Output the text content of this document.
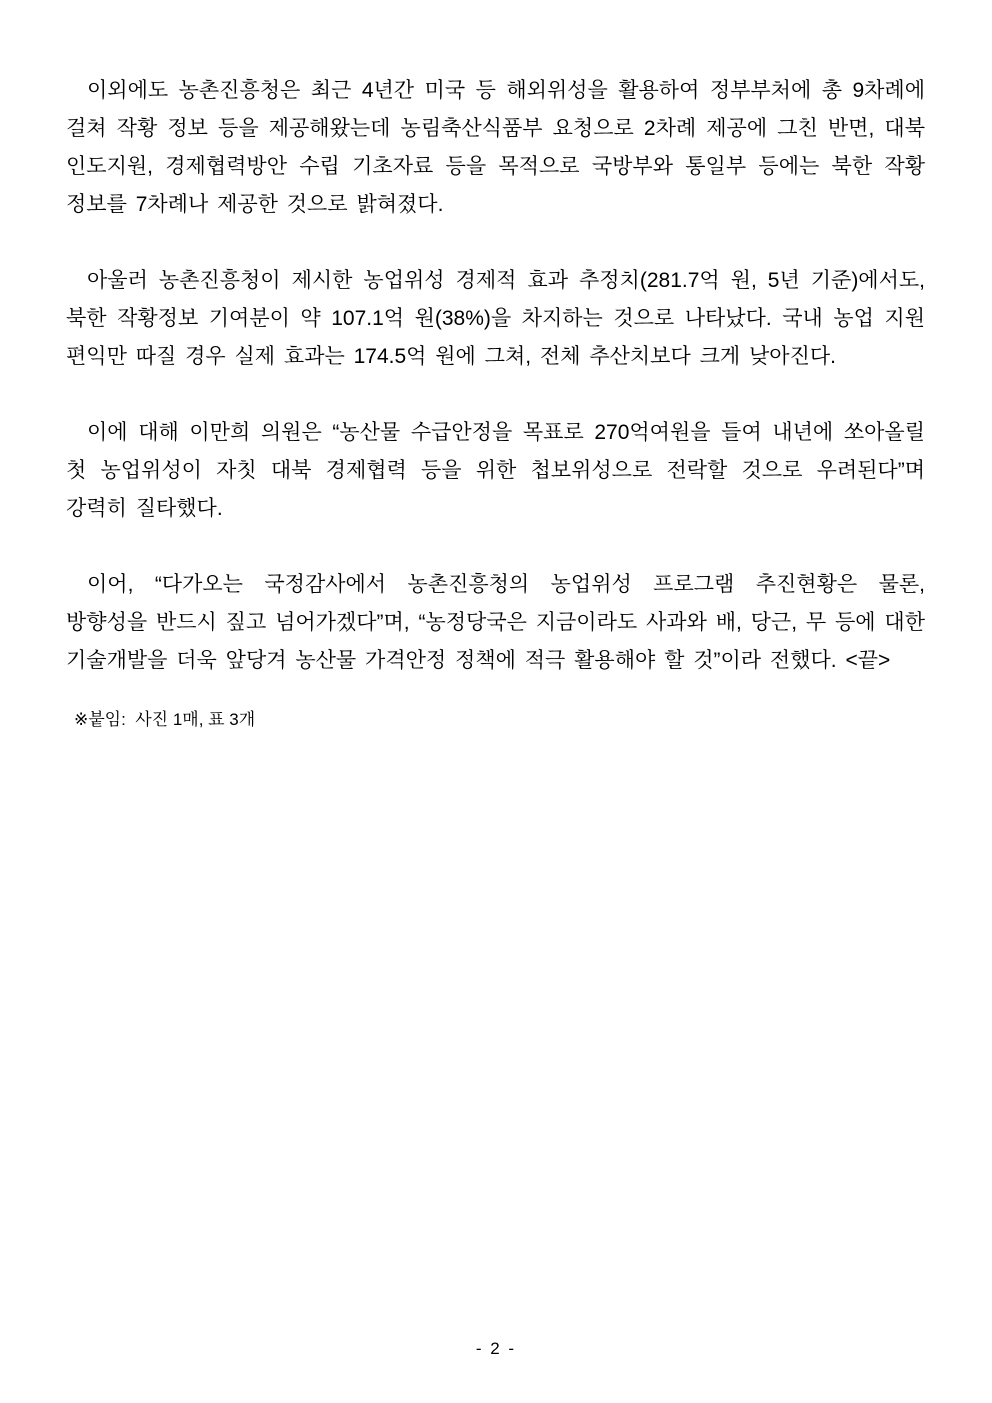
이외에도 농촌진흥청은 최근 4년간 미국 등 해외위성을 활용하여 정부부처에 총 9차례에 걸쳐 작황 정보 등을 제공해왔는데 농림축산식품부 요청으로 2차례 제공에 그친 반면, 대북 인도지원, 경제협력방안 수립 기초자료 등을 목적으로 국방부와 통일부 등에는 북한 작황 정보를 7차례나 제공한 것으로 밝혀졌다.

아울러 농촌진흥청이 제시한 농업위성 경제적 효과 추정치(281.7억 원, 5년 기준)에서도, 북한 작황정보 기여분이 약 107.1억 원(38%)을 차지하는 것으로 나타났다. 국내 농업 지원 편익만 따질 경우 실제 효과는 174.5억 원에 그쳐, 전체 추산치보다 크게 낮아진다.

이에 대해 이만희 의원은 “농산물 수급안정을 목표로 270억여원을 들여 내년에 쏘아올릴 첫 농업위성이 자칫 대북 경제협력 등을 위한 첩보위성으로 전락할 것으로 우려된다”며 강력히 질타했다.

이어, “다가오는 국정감사에서 농촌진흥청의 농업위성 프로그램 추진현황은 물론, 방향성을 반드시 짚고 넘어가겠다”며, “농정당국은 지금이라도 사과와 배, 당근, 무 등에 대한 기술개발을 더욱 앞당겨 농산물 가격안정 정책에 적극 활용해야 할 것”이라 전했다. <끝>

※붙임:  사진 1매, 표 3개

- 2 -
